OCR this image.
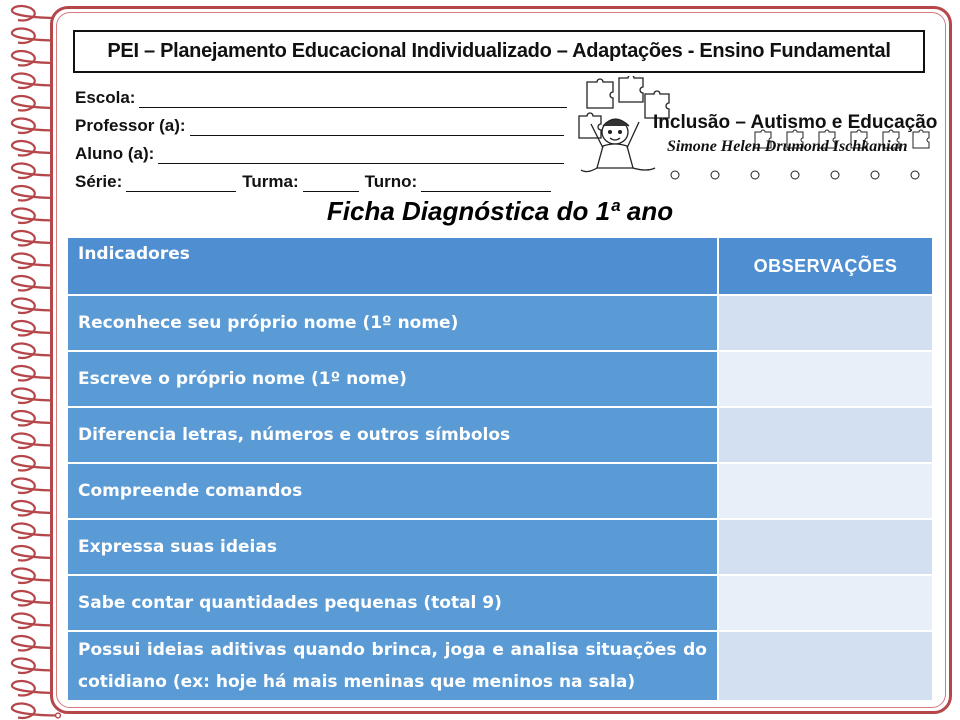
PEI – Planejamento Educacional Individualizado – Adaptações - Ensino Fundamental
Escola:
Professor (a):
Aluno (a):
Série:	Turma:	Turno:
Inclusão – Autismo e Educação
Simone Helen Drumond Ischkanian
Ficha Diagnóstica do 1ª ano
Indicadores	OBSERVAÇÕES
Reconhece seu próprio nome (1º nome)	
Escreve o próprio nome (1º nome)	
Diferencia letras, números e outros símbolos	
Compreende comandos	
Expressa suas ideias	
Sabe contar quantidades pequenas (total 9)	
Possui ideias aditivas quando brinca, joga e analisa situações do cotidiano (ex: hoje há mais meninas que meninos na sala)	
